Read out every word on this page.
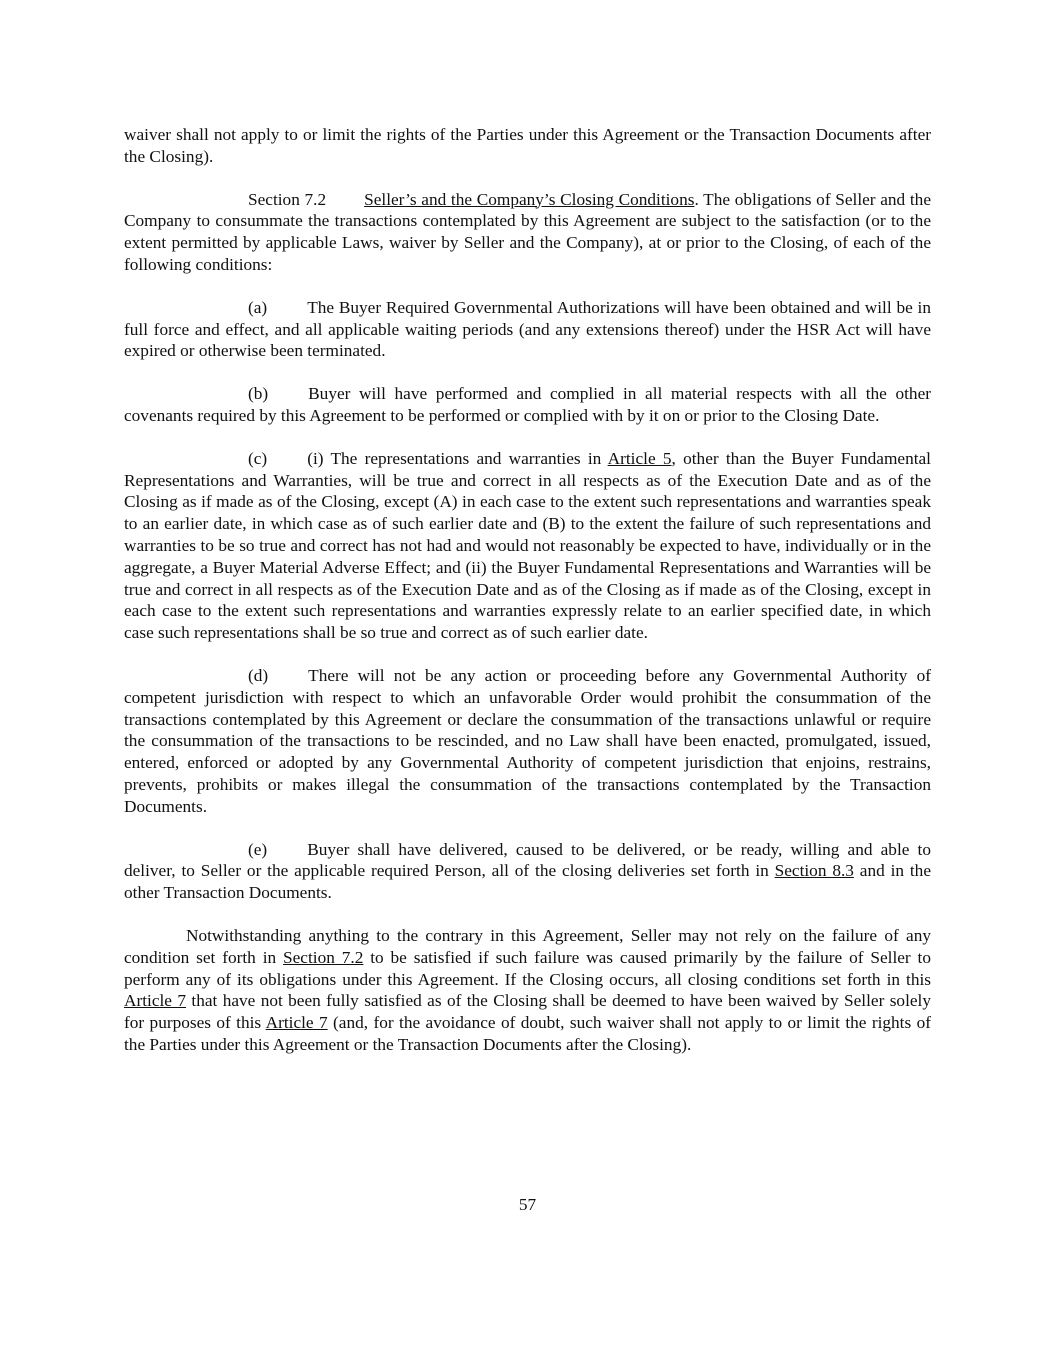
waiver shall not apply to or limit the rights of the Parties under this Agreement or the Transaction Documents after the Closing).

Section 7.2 Seller’s and the Company’s Closing Conditions. The obligations of Seller and the Company to consummate the transactions contemplated by this Agreement are subject to the satisfaction (or to the extent permitted by applicable Laws, waiver by Seller and the Company), at or prior to the Closing, of each of the following conditions:

(a) The Buyer Required Governmental Authorizations will have been obtained and will be in full force and effect, and all applicable waiting periods (and any extensions thereof) under the HSR Act will have expired or otherwise been terminated.

(b) Buyer will have performed and complied in all material respects with all the other covenants required by this Agreement to be performed or complied with by it on or prior to the Closing Date.

(c) (i) The representations and warranties in Article 5, other than the Buyer Fundamental Representations and Warranties, will be true and correct in all respects as of the Execution Date and as of the Closing as if made as of the Closing, except (A) in each case to the extent such representations and warranties speak to an earlier date, in which case as of such earlier date and (B) to the extent the failure of such representations and warranties to be so true and correct has not had and would not reasonably be expected to have, individually or in the aggregate, a Buyer Material Adverse Effect; and (ii) the Buyer Fundamental Representations and Warranties will be true and correct in all respects as of the Execution Date and as of the Closing as if made as of the Closing, except in each case to the extent such representations and warranties expressly relate to an earlier specified date, in which case such representations shall be so true and correct as of such earlier date.

(d) There will not be any action or proceeding before any Governmental Authority of competent jurisdiction with respect to which an unfavorable Order would prohibit the consummation of the transactions contemplated by this Agreement or declare the consummation of the transactions unlawful or require the consummation of the transactions to be rescinded, and no Law shall have been enacted, promulgated, issued, entered, enforced or adopted by any Governmental Authority of competent jurisdiction that enjoins, restrains, prevents, prohibits or makes illegal the consummation of the transactions contemplated by the Transaction Documents.

(e) Buyer shall have delivered, caused to be delivered, or be ready, willing and able to deliver, to Seller or the applicable required Person, all of the closing deliveries set forth in Section 8.3 and in the other Transaction Documents.

Notwithstanding anything to the contrary in this Agreement, Seller may not rely on the failure of any condition set forth in Section 7.2 to be satisfied if such failure was caused primarily by the failure of Seller to perform any of its obligations under this Agreement. If the Closing occurs, all closing conditions set forth in this Article 7 that have not been fully satisfied as of the Closing shall be deemed to have been waived by Seller solely for purposes of this Article 7 (and, for the avoidance of doubt, such waiver shall not apply to or limit the rights of the Parties under this Agreement or the Transaction Documents after the Closing).

57
